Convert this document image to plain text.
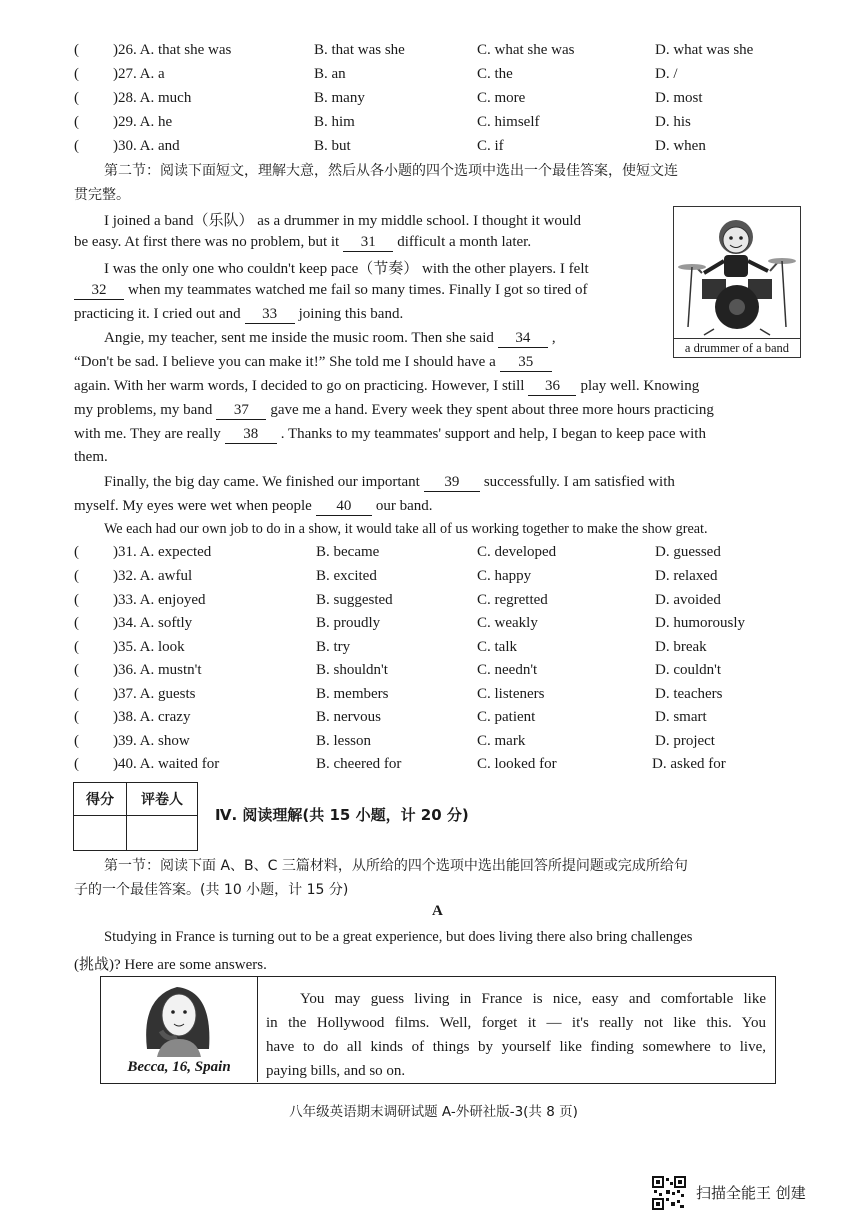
( )26. A. that she was	B. that was she	C. what she was	D. what was she
( )27. A. a	B. an	C. the	D. /
( )28. A. much	B. many	C. more	D. most
( )29. A. he	B. him	C. himself	D. his
( )30. A. and	B. but	C. if	D. when
第二节：阅读下面短文，理解大意，然后从各小题的四个选项中选出一个最佳答案，使短文连
贯完整。
a drummer of a band
I joined a band（乐队） as a drummer in my middle school. I thought it would
be easy. At first there was no problem, but it 31 difficult a month later.
I was the only one who couldn't keep pace（节奏） with the other players. I felt
32 when my teammates watched me fail so many times. Finally I got so tired of
practicing it. I cried out and 33 joining this band.
Angie, my teacher, sent me inside the music room. Then she said 34 ,
“Don't be sad. I believe you can make it!” She told me I should have a 35
again. With her warm words, I decided to go on practicing. However, I still 36 play well. Knowing
my problems, my band 37 gave me a hand. Every week they spent about three more hours practicing
with me. They are really 38 . Thanks to my teammates' support and help, I began to keep pace with
them.
Finally, the big day came. We finished our important 39 successfully. I am satisfied with
myself. My eyes were wet when people 40 our band.
We each had our own job to do in a show, it would take all of us working together to make the show great.
( )31. A. expected	B. became	C. developed	D. guessed
( )32. A. awful	B. excited	C. happy	D. relaxed
( )33. A. enjoyed	B. suggested	C. regretted	D. avoided
( )34. A. softly	B. proudly	C. weakly	D. humorously
( )35. A. look	B. try	C. talk	D. break
( )36. A. mustn't	B. shouldn't	C. needn't	D. couldn't
( )37. A. guests	B. members	C. listeners	D. teachers
( )38. A. crazy	B. nervous	C. patient	D. smart
( )39. A. show	B. lesson	C. mark	D. project
( )40. A. waited for	B. cheered for	C. looked for	D. asked for
得分	评卷人

Ⅳ. 阅读理解(共 15 小题，计 20 分)
第一节：阅读下面 A、B、C 三篇材料，从所给的四个选项中选出能回答所提问题或完成所给句
子的一个最佳答案。(共 10 小题，计 15 分)
A
Studying in France is turning out to be a great experience, but does living there also bring challenges
(挑战)? Here are some answers.
Becca, 16, Spain
You may guess living in France is nice, easy and comfortable like
in the Hollywood films. Well, forget it — it's really not like this. You
have to do all kinds of things by yourself like finding somewhere to live,
paying bills, and so on.
八年级英语期末调研试题 A-外研社版-3(共 8 页)
扫描全能王 创建
